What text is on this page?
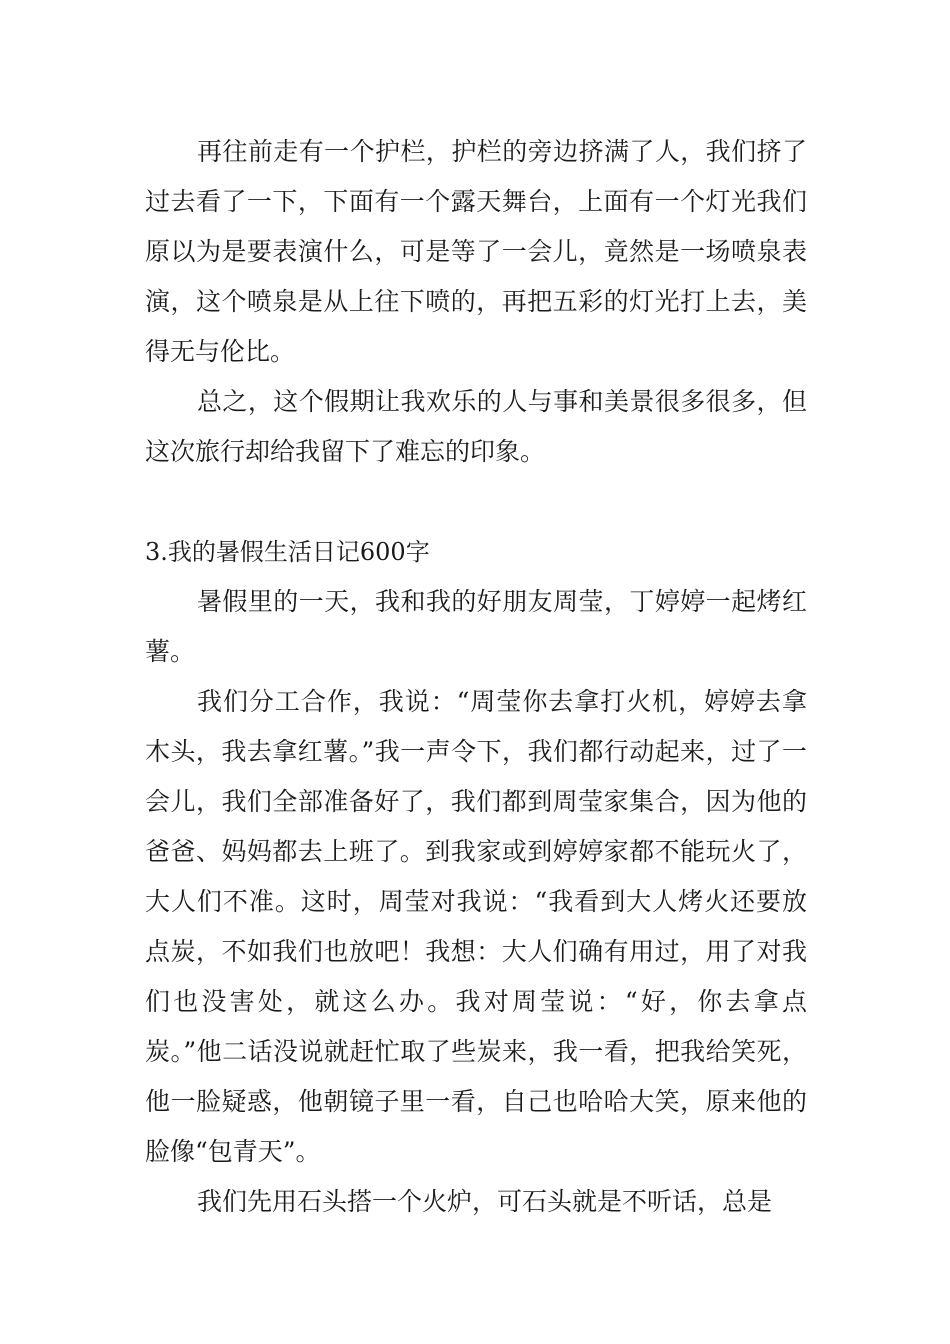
再往前走有一个护栏，护栏的旁边挤满了人，我们挤了过去看了一下，下面有一个露天舞台，上面有一个灯光我们原以为是要表演什么，可是等了一会儿，竟然是一场喷泉表演，这个喷泉是从上往下喷的，再把五彩的灯光打上去，美得无与伦比。

总之，这个假期让我欢乐的人与事和美景很多很多，但这次旅行却给我留下了难忘的印象。

3.我的暑假生活日记600字

暑假里的一天，我和我的好朋友周莹，丁婷婷一起烤红薯。

我们分工合作，我说：“周莹你去拿打火机，婷婷去拿木头，我去拿红薯。”我一声令下，我们都行动起来，过了一会儿，我们全部准备好了，我们都到周莹家集合，因为他的爸爸、妈妈都去上班了。到我家或到婷婷家都不能玩火了，大人们不准。这时，周莹对我说：“我看到大人烤火还要放点炭，不如我们也放吧！我想：大人们确有用过，用了对我们也没害处，就这么办。我对周莹说：“好，你去拿点炭。”他二话没说就赶忙取了些炭来，我一看，把我给笑死，他一脸疑惑，他朝镜子里一看，自己也哈哈大笑，原来他的脸像“包青天”。

我们先用石头搭一个火炉，可石头就是不听话，总是
